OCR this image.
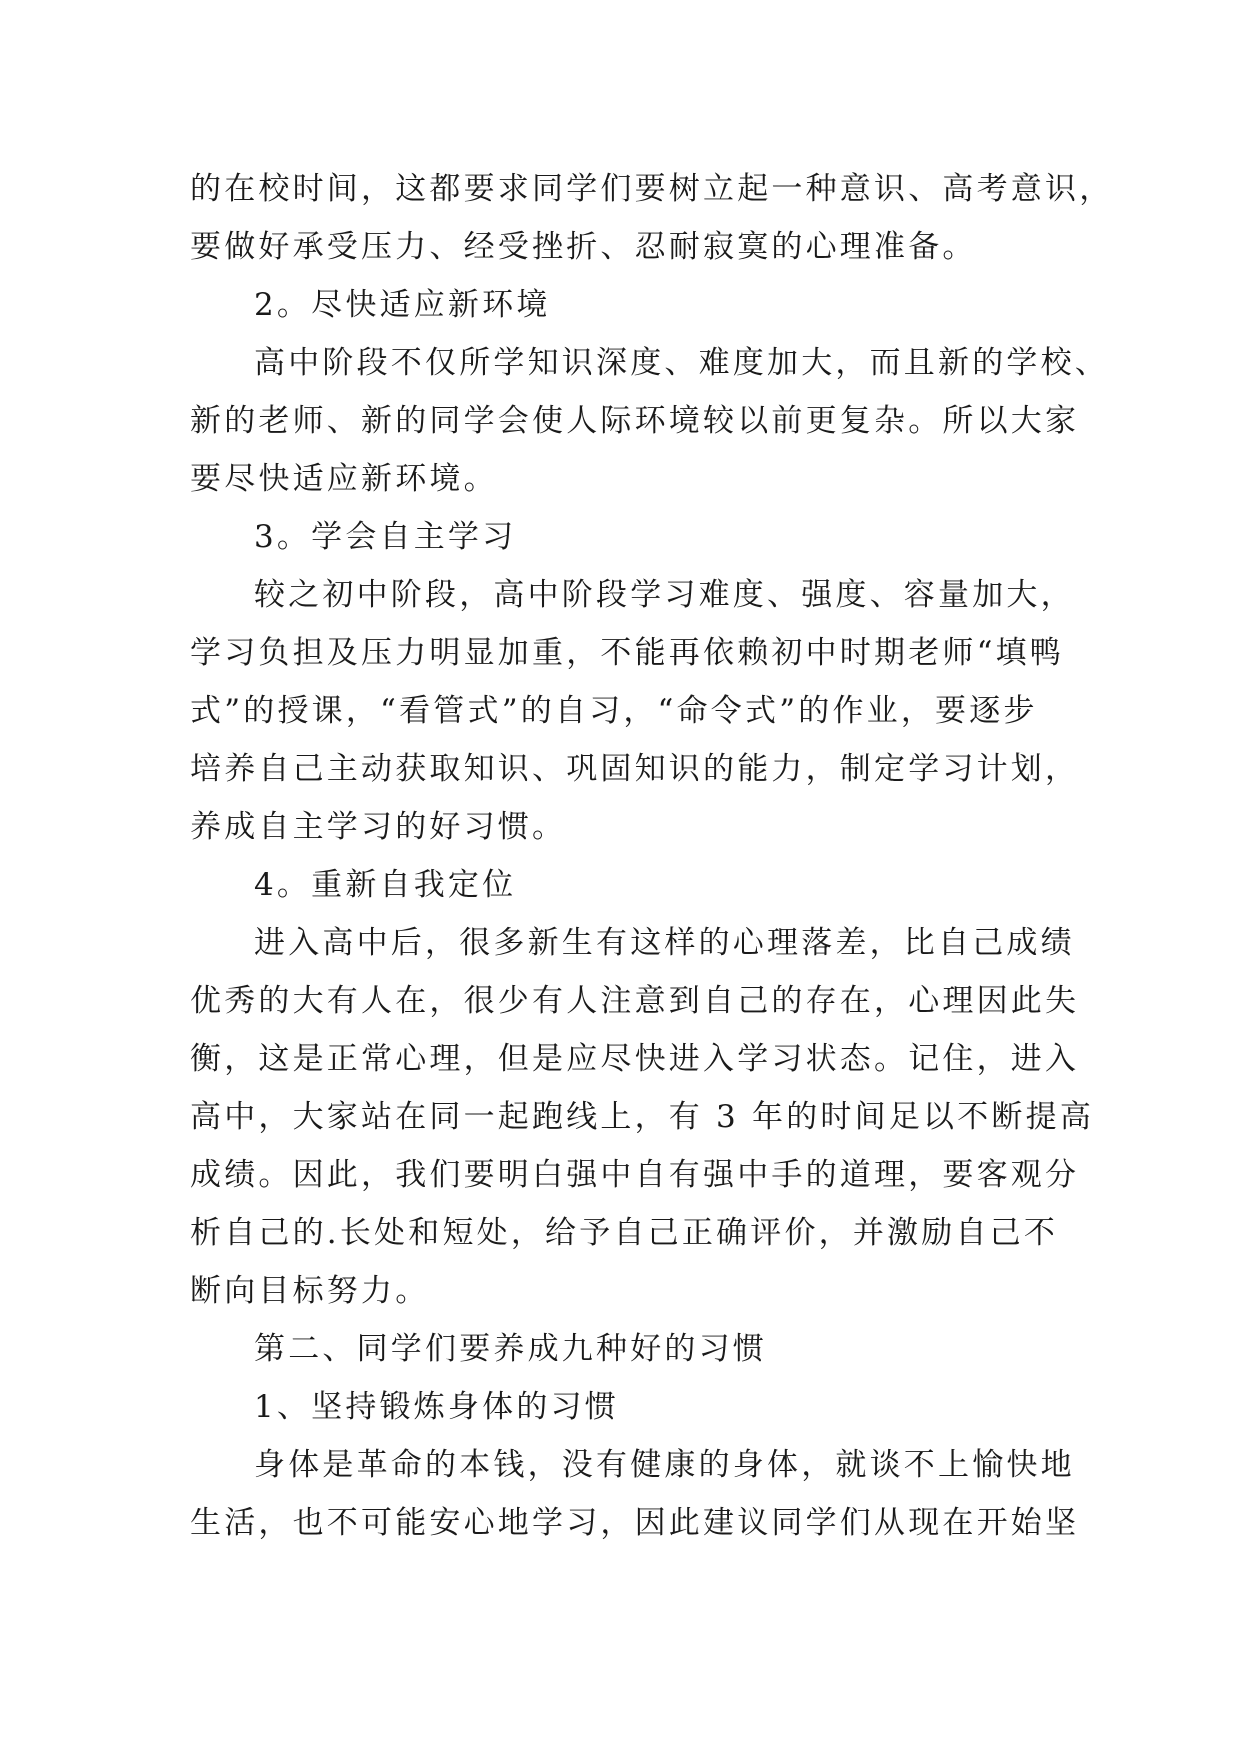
的在校时间，这都要求同学们要树立起一种意识、高考意识，
要做好承受压力、经受挫折、忍耐寂寞的心理准备。
2。尽快适应新环境
高中阶段不仅所学知识深度、难度加大，而且新的学校、
新的老师、新的同学会使人际环境较以前更复杂。所以大家
要尽快适应新环境。
3。学会自主学习
较之初中阶段，高中阶段学习难度、强度、容量加大，
学习负担及压力明显加重，不能再依赖初中时期老师“填鸭
式”的授课，“看管式”的自习，“命令式”的作业，要逐步
培养自己主动获取知识、巩固知识的能力，制定学习计划，
养成自主学习的好习惯。
4。重新自我定位
进入高中后，很多新生有这样的心理落差，比自己成绩
优秀的大有人在，很少有人注意到自己的存在，心理因此失
衡，这是正常心理，但是应尽快进入学习状态。记住，进入
高中，大家站在同一起跑线上，有 3 年的时间足以不断提高
成绩。因此，我们要明白强中自有强中手的道理，要客观分
析自己的.长处和短处，给予自己正确评价，并激励自己不
断向目标努力。
第二、同学们要养成九种好的习惯
1、坚持锻炼身体的习惯
身体是革命的本钱，没有健康的身体，就谈不上愉快地
生活，也不可能安心地学习，因此建议同学们从现在开始坚
